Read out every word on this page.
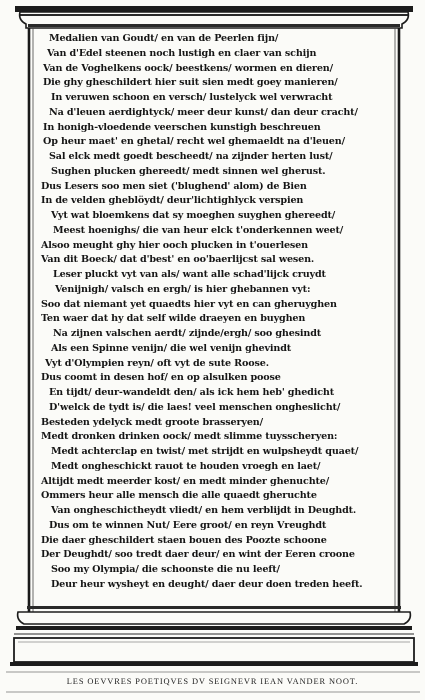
Medalien van Goudt/ en van de Peerlen fijn/
Van d'Edel steenen noch lustigh en claer van schijn
Van de Voghelkens oock/ beestkens/ wormen en dieren/
Die ghy gheschildert hier suit sien medt goey manieren/
In veruwen schoon en versch/ lustelyck wel verwracht
Na d'leuen aerdightyck/ meer deur kunst/ dan deur cracht/
In honigh-vloedende veerschen kunstigh beschreuen
Op heur maet' en ghetal/ recht wel ghemaeldt na d'leuen/
Sal elck medt goedt bescheedt/ na zijnder herten lust/
Sughen plucken ghereedt/ medt sinnen wel gherust.
Dus Lesers soo men siet ('blughend' alom) de Bien
In de velden gheblöydt/ deur'lichtighlyck verspien
Vyt wat bloemkens dat sy moeghen suyghen ghereedt/
Meest hoenighs/ die van heur elck t'onderkennen weet/
Alsoo meught ghy hier ooch plucken in t'ouerlesen
Van dit Boeck/ dat d'best' en oo'baerlijcst sal wesen.
Leser pluckt vyt van als/ want alle schad'lijck cruydt
Venijnigh/ valsch en ergh/ is hier ghebannen vyt:
Soo dat niemant yet quaedts hier vyt en can gheruyghen
Ten waer dat hy dat self wilde draeyen en buyghen
Na zijnen valschen aerdt/ zijnde/ergh/ soo ghesindt
Als een Spinne venijn/ die wel venijn ghevindt
Vyt d'Olympien reyn/ oft vyt de sute Roose.
Dus coomt in desen hof/ en op alsulken poose
En tijdt/ deur-wandeldt den/ als ick hem heb' ghedicht
D'welck de tydt is/ die laes! veel menschen ongheslicht/
Besteden ydelyck medt groote brasseryen/
Medt dronken drinken oock/ medt slimme tuysscheryen:
Medt achterclap en twist/ met strijdt en wulpsheydt quaet/
Medt ongheschickt rauot te houden vroegh en laet/
Altijdt medt meerder kost/ en medt minder ghenuchte/
Ommers heur alle mensch die alle quaedt gheruchte
Van ongheschictheydt vliedt/ en hem verblijdt in Deughdt.
Dus om te winnen Nut/ Eere groot/ en reyn Vreughdt
Die daer gheschildert staen bouen des Poozte schoone
Der Deughdt/ soo tredt daer deur/ en wint der Eeren croone
Soo my Olympia/ die schoonste die nu leeft/
Deur heur wysheyt en deught/ daer deur doen treden heeft.
LES OEVVRES POETIQVES DV SEIGNEVR IEAN VANDER NOOT.
